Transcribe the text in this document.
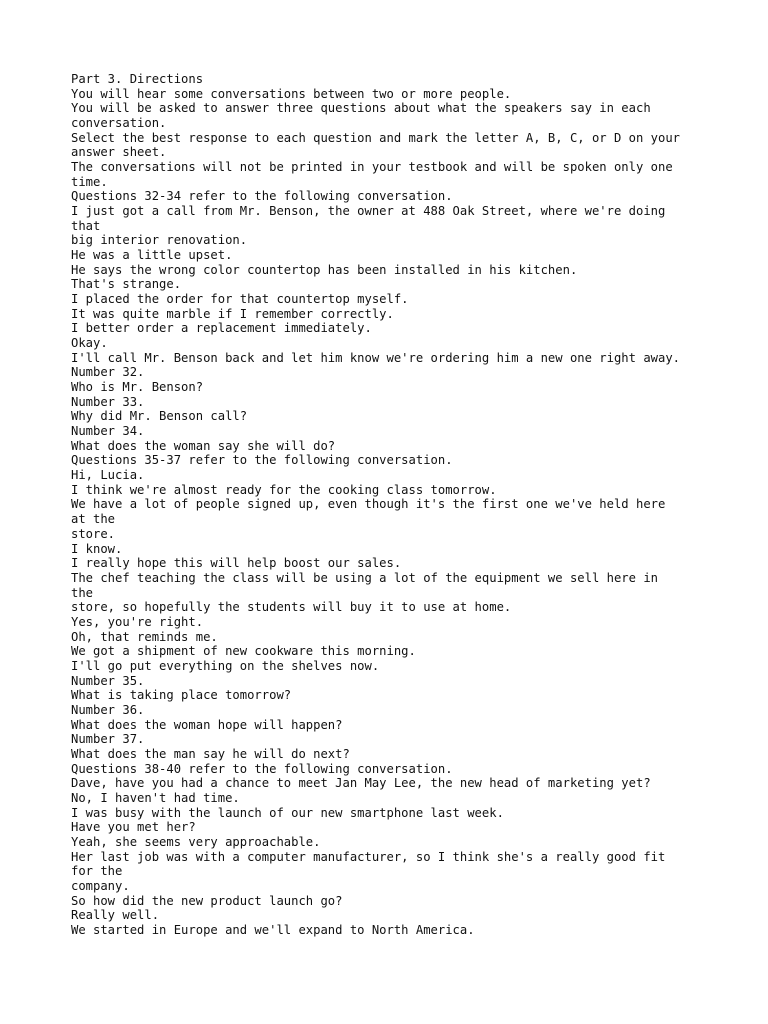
Part 3. Directions
You will hear some conversations between two or more people.
You will be asked to answer three questions about what the speakers say in each
conversation.
Select the best response to each question and mark the letter A, B, C, or D on your
answer sheet.
The conversations will not be printed in your testbook and will be spoken only one
time.
Questions 32-34 refer to the following conversation.
I just got a call from Mr. Benson, the owner at 488 Oak Street, where we're doing
that
big interior renovation.
He was a little upset.
He says the wrong color countertop has been installed in his kitchen.
That's strange.
I placed the order for that countertop myself.
It was quite marble if I remember correctly.
I better order a replacement immediately.
Okay.
I'll call Mr. Benson back and let him know we're ordering him a new one right away.
Number 32.
Who is Mr. Benson?
Number 33.
Why did Mr. Benson call?
Number 34.
What does the woman say she will do?
Questions 35-37 refer to the following conversation.
Hi, Lucia.
I think we're almost ready for the cooking class tomorrow.
We have a lot of people signed up, even though it's the first one we've held here
at the
store.
I know.
I really hope this will help boost our sales.
The chef teaching the class will be using a lot of the equipment we sell here in
the
store, so hopefully the students will buy it to use at home.
Yes, you're right.
Oh, that reminds me.
We got a shipment of new cookware this morning.
I'll go put everything on the shelves now.
Number 35.
What is taking place tomorrow?
Number 36.
What does the woman hope will happen?
Number 37.
What does the man say he will do next?
Questions 38-40 refer to the following conversation.
Dave, have you had a chance to meet Jan May Lee, the new head of marketing yet?
No, I haven't had time.
I was busy with the launch of our new smartphone last week.
Have you met her?
Yeah, she seems very approachable.
Her last job was with a computer manufacturer, so I think she's a really good fit
for the
company.
So how did the new product launch go?
Really well.
We started in Europe and we'll expand to North America.
